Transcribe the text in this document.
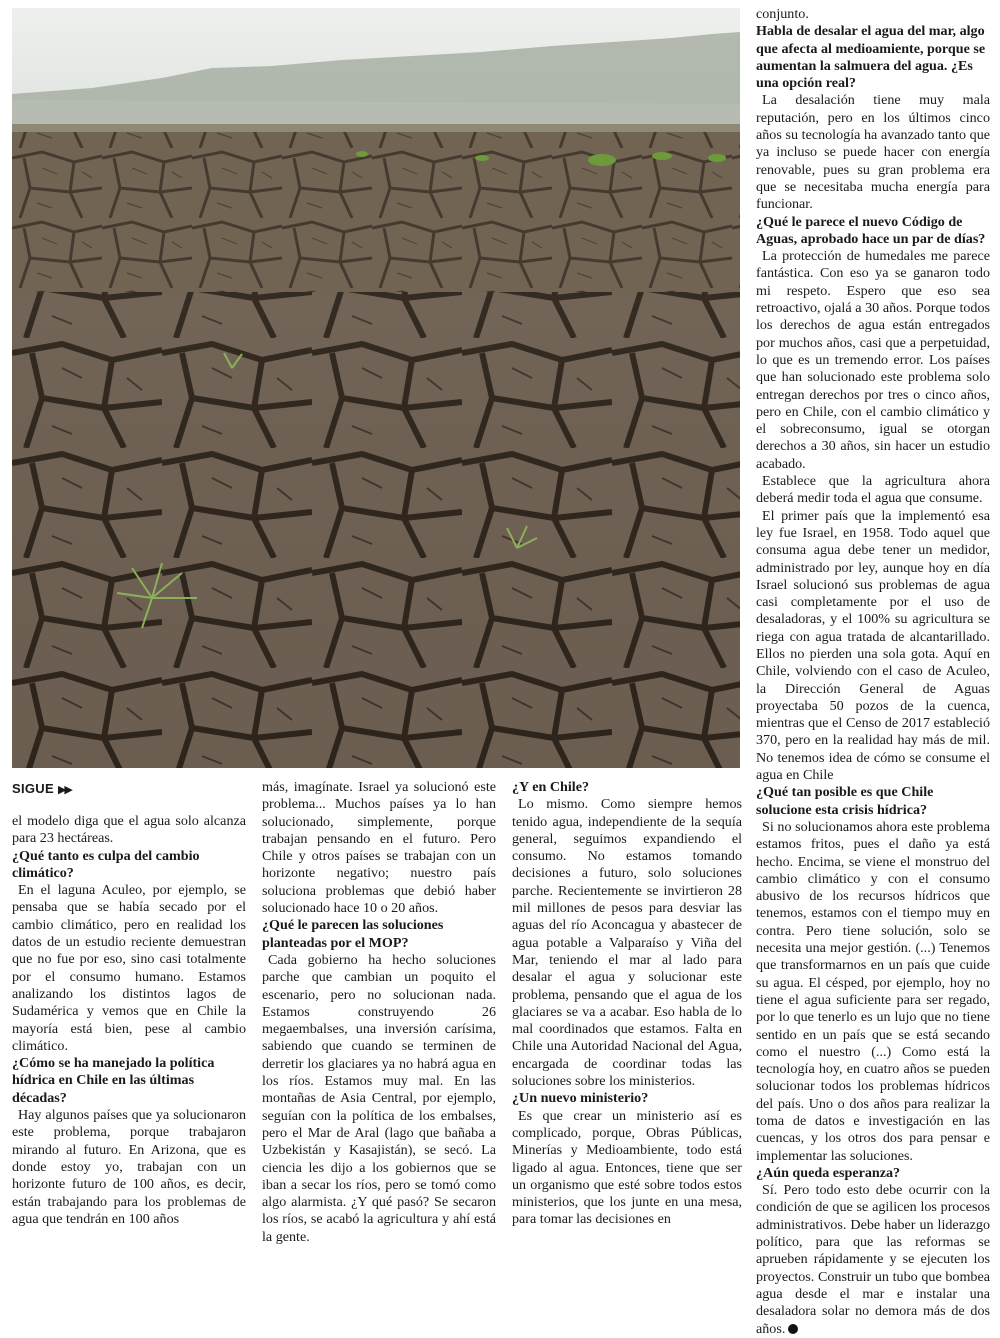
SIGUE ▶▶

el modelo diga que el agua solo alcanza para 23 hectáreas.

¿Qué tanto es culpa del cambio climático?

En el laguna Aculeo, por ejemplo, se pensaba que se había secado por el cambio climático, pero en realidad los datos de un estudio reciente demuestran que no fue por eso, sino casi totalmente por el consumo humano. Estamos analizando los distintos lagos de Sudamérica y vemos que en Chile la mayoría está bien, pese al cambio climático.

¿Cómo se ha manejado la política hídrica en Chile en las últimas décadas?

Hay algunos países que ya solucionaron este problema, porque trabajaron mirando al futuro. En Arizona, que es donde estoy yo, trabajan con un horizonte futuro de 100 años, es decir, están trabajando para los problemas de agua que tendrán en 100 años

más, imagínate. Israel ya solucionó este problema... Muchos países ya lo han solucionado, simplemente, porque trabajan pensando en el futuro. Pero Chile y otros países se trabajan con un horizonte negativo; nuestro país soluciona problemas que debió haber solucionado hace 10 o 20 años.

¿Qué le parecen las soluciones planteadas por el MOP?

Cada gobierno ha hecho soluciones parche que cambian un poquito el escenario, pero no solucionan nada. Estamos construyendo 26 megaembalses, una inversión carísima, sabiendo que cuando se terminen de derretir los glaciares ya no habrá agua en los ríos. Estamos muy mal. En las montañas de Asia Central, por ejemplo, seguían con la política de los embalses, pero el Mar de Aral (lago que bañaba a Uzbekistán y Kasajistán), se secó. La ciencia les dijo a los gobiernos que se iban a secar los ríos, pero se tomó como algo alarmista. ¿Y qué pasó? Se secaron los ríos, se acabó la agricultura y ahí está la gente.

¿Y en Chile?

Lo mismo. Como siempre hemos tenido agua, independiente de la sequía general, seguimos expandiendo el consumo. No estamos tomando decisiones a futuro, solo soluciones parche. Recientemente se invirtieron 28 mil millones de pesos para desviar las aguas del río Aconcagua y abastecer de agua potable a Valparaíso y Viña del Mar, teniendo el mar al lado para desalar el agua y solucionar este problema, pensando que el agua de los glaciares se va a acabar. Eso habla de lo mal coordinados que estamos. Falta en Chile una Autoridad Nacional del Agua, encargada de coordinar todas las soluciones sobre los ministerios.

¿Un nuevo ministerio?

Es que crear un ministerio así es complicado, porque, Obras Públicas, Minerías y Medioambiente, todo está ligado al agua. Entonces, tiene que ser un organismo que esté sobre todos estos ministerios, que los junte en una mesa, para tomar las decisiones en

conjunto.

Habla de desalar el agua del mar, algo que afecta al medioamiente, porque se aumentan la salmuera del agua. ¿Es una opción real?

La desalación tiene muy mala reputación, pero en los últimos cinco años su tecnología ha avanzado tanto que ya incluso se puede hacer con energía renovable, pues su gran problema era que se necesitaba mucha energía para funcionar.

¿Qué le parece el nuevo Código de Aguas, aprobado hace un par de días?

La protección de humedales me parece fantástica. Con eso ya se ganaron todo mi respeto. Espero que eso sea retroactivo, ojalá a 30 años. Porque todos los derechos de agua están entregados por muchos años, casi que a perpetuidad, lo que es un tremendo error. Los países que han solucionado este problema solo entregan derechos por tres o cinco años, pero en Chile, con el cambio climático y el sobreconsumo, igual se otorgan derechos a 30 años, sin hacer un estudio acabado.

Establece que la agricultura ahora deberá medir toda el agua que consume.

El primer país que la implementó esa ley fue Israel, en 1958. Todo aquel que consuma agua debe tener un medidor, administrado por ley, aunque hoy en día Israel solucionó sus problemas de agua casi completamente por el uso de desaladoras, y el 100% su agricultura se riega con agua tratada de alcantarillado. Ellos no pierden una sola gota. Aquí en Chile, volviendo con el caso de Aculeo, la Dirección General de Aguas proyectaba 50 pozos de la cuenca, mientras que el Censo de 2017 estableció 370, pero en la realidad hay más de mil. No tenemos idea de cómo se consume el agua en Chile

¿Qué tan posible es que Chile solucione esta crisis hídrica?

Si no solucionamos ahora este problema estamos fritos, pues el daño ya está hecho. Encima, se viene el monstruo del cambio climático y con el consumo abusivo de los recursos hídricos que tenemos, estamos con el tiempo muy en contra. Pero tiene solución, solo se necesita una mejor gestión. (...) Tenemos que transformarnos en un país que cuide su agua. El césped, por ejemplo, hoy no tiene el agua suficiente para ser regado, por lo que tenerlo es un lujo que no tiene sentido en un país que se está secando como el nuestro (...) Como está la tecnología hoy, en cuatro años se pueden solucionar todos los problemas hídricos del país. Uno o dos años para realizar la toma de datos e investigación en las cuencas, y los otros dos para pensar e implementar las soluciones.

¿Aún queda esperanza?

Sí. Pero todo esto debe ocurrir con la condición de que se agilicen los procesos administrativos. Debe haber un liderazgo político, para que las reformas se aprueben rápidamente y se ejecuten los proyectos. Construir un tubo que bombea agua desde el mar e instalar una desaladora solar no demora más de dos años.
